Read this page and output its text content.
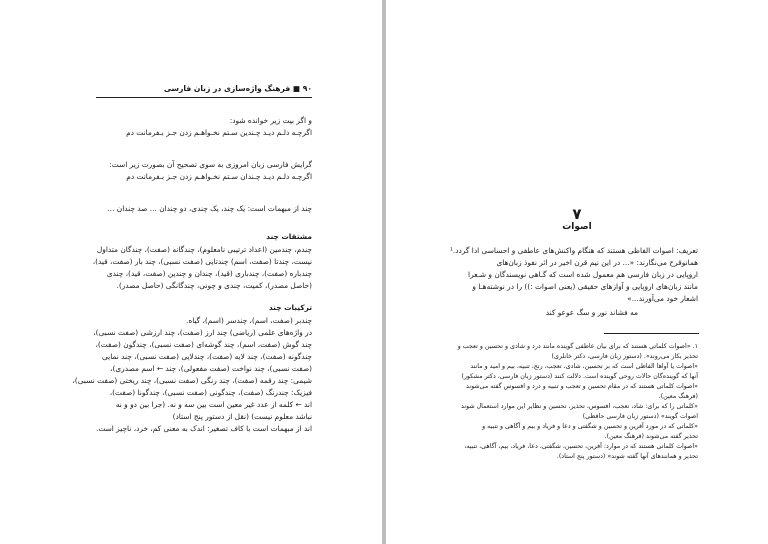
۹۰ ■ فرهنگ واژه‌سازی در زبان فارسی
و اگر بیت زیر خوانده شود:
اگرچـه دلـم دیـد چـندین سـتم نخـواهـم زدن جـز بـفرمانت دم
گرایش فارسی زبان امروزی به سوی تصحیح آن بصورت زیر است:
اگرچـه دلـم دیـد چـندان سـتم نخـواهـم زدن جـز بـفرمانت دم
چند از مبهمات است: یک چند، یک چندی، دو چندان ... صد چندان ...
مشتقات چند
چندم، چندمین (اعداد ترتیبی نامعلوم)، چندگانه (صفت)، چندگان متداول
نیست، چندتا (صفت، اسم) چندتایی (صفت نسبی)، چند بار (صفت، قید)،
چندباره (صفت)، چندباری (قید)، چندان و چندین (صفت، قید)، چندی
(حاصل مصدر)، کمیت، چندی و چونی، چندگانگی (حاصل مصدر).
ترکیبات چند
چندبر (صفت، اسم)، چندسر (اسم)، گیاه.
در واژه‌های علمی (ریاضی) چند ارز (صفت)، چند ارزشی (صفت نسبی)،
چند گوش (صفت، اسم)، چند گوشه‌ای (صفت نسبی)، چندگون (صفت)،
چندگونه (صفت)، چند لایه (صفت)، چندلایی (صفت نسبی)، چند نمایی
(صفت نسبی)، چند نواخت (صفت مفعولی)، چند ← اسم مصدری)،
شیمی: چند رقمه (صفت)، چند رنگی (صفت نسبی)، چند ریختی (صفت نسبی)،
فیزیک: چندرنگ (صفت)، چندگونی (صفت نسبی)، چندگونا (صفت)،
اند ← کلمه از عدد غیر معین است بین سه و نه. (جرا بین دو و نه
نباشد معلوم نیست) (نقل از دستور پنج استاد)
اند از مبهمات است با کاف تصغیر: اندک به معنی کم، خرد، ناچیز است.
۷
اصوات
تعریف: اصوات الفاظی هستند که هنگام واکنش‌های عاطفی و احساسی ادا گردد.¹
همانوقرح می‌نگارند: «... در این نیم قرن اخیر در اثر نفوذ زبان‌های
اروپایی در زبان فارسی هم معمول شده است که گـاهی نویسندگان و شـعرا
مانند زبان‌های اروپایی و آوازهای حقیقی (یعنی اصوات :)) را در نوشته‌هـا و
اشعار خود می‌آورند...»
مه فشاند نور و سگ عوعو کند
۱. «اصوات کلماتی هستند که برای بیان عاطفی گوینده مانند درد و شادی و تحسین و تعجب و
تحذیر بکار می‌روند». (دستور زبان فارسی، دکتر خانلری)
«اصوات یا آواها الفاظی است که بر تحسین، شادی، تعجب، رنج، تنبیه، بیم و امید و مانند
آنها که گوینده‌گان حالات روحی گوینده است. دلالت کنند (دستور زبان فارسی، دکتر مشکور)
«اصوات کلماتی هستند که در مقام تحسین و تعجب و تنبیه و درد و افسوس گفته می‌شوند
(فرهنگ معین).
«کلماتی را که برای: شاد، تعجب، افسوس، تحذیر، تحسین و نظایر این موارد استعمال شوند
اصوات گویند» (دستور زبان فارسی حافظی)
«کلماتی که در مورد آفرین و تحسین و شگفتی و دعا و فریاد و بیم و آگاهی و تنبیه و
تحذیر گفته می‌شوند (فرهنگ معین).
«اصوات کلماتی هستند که در موارد: آفرین، تحسین، شگفتی، دعا، فریاد، بیم، آگاهی، تنبیه،
تحذیر و همانندهای آنها گفته شوند» (دستور پنج استاد).
